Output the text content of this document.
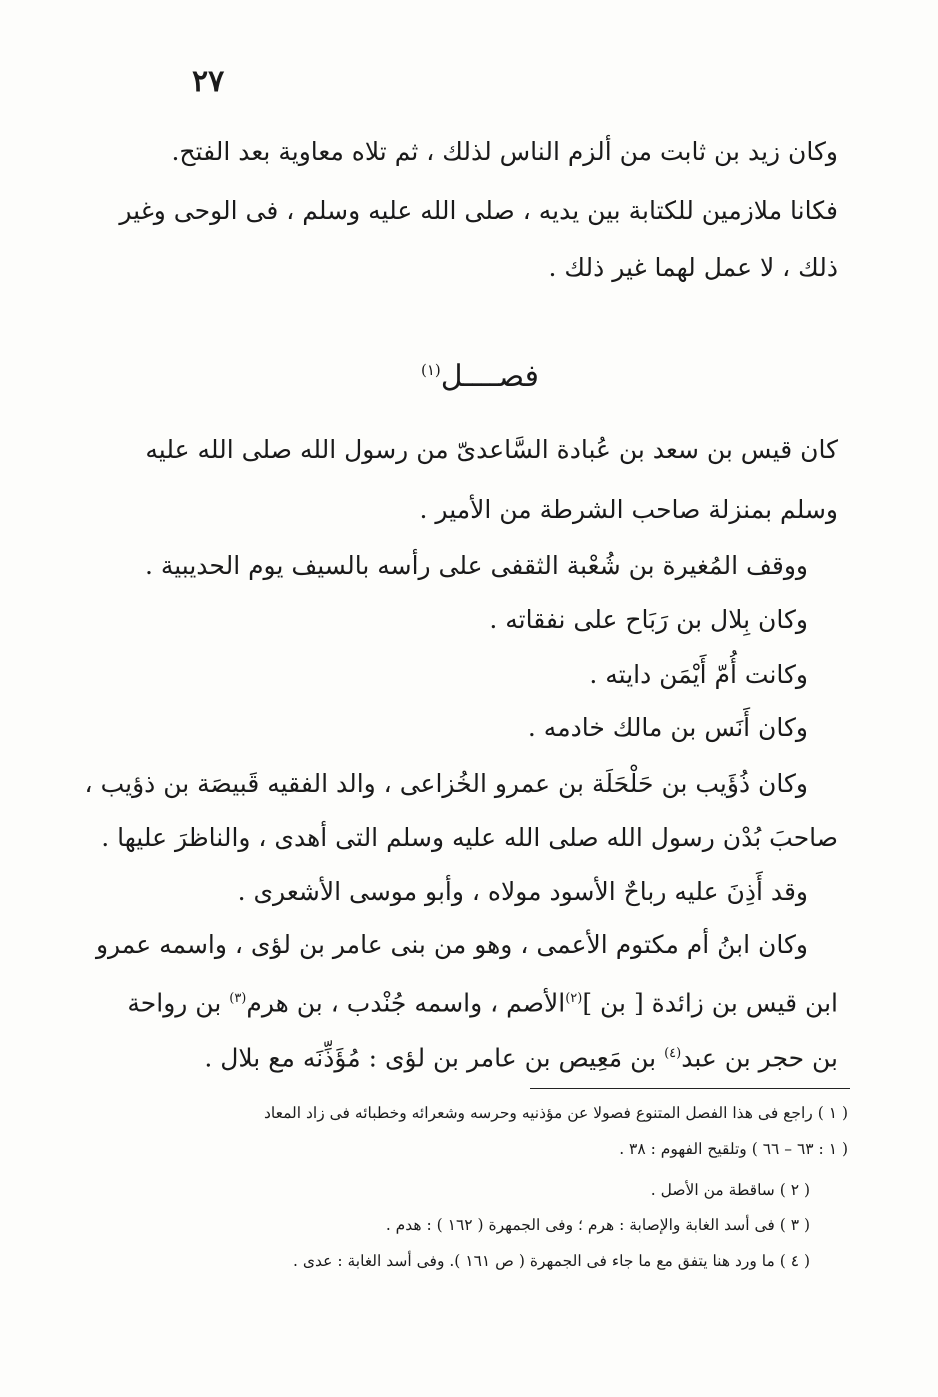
٢٧
وكان زيد بن ثابت من ألزم الناس لذلك ، ثم تلاه معاوية بعد الفتح.
فكانا ملازمين للكتابة بين يديه ، صلى الله عليه وسلم ، فى الوحى وغير
ذلك ، لا عمل لهما غير ذلك .
فصــــل$^{(١)}$
كان قيس بن سعد بن عُبادة السَّاعدىّ من رسول الله صلى الله عليه
وسلم بمنزلة صاحب الشرطة من الأمير .
ووقف المُغيرة بن شُعْبة الثقفى على رأسه بالسيف يوم الحديبية .
وكان بِلال بن رَبَاح على نفقاته .
وكانت أُمّ أَيْمَن دايته .
وكان أَنَس بن مالك خادمه .
وكان ذُؤَيب بن حَلْحَلَة بن عمرو الخُزاعى ، والد الفقيه قَبيصَة بن ذؤيب ،
صاحبَ بُدْن رسول الله صلى الله عليه وسلم التى أهدى ، والناظرَ عليها .
وقد أَذِنَ عليه رباحٌ الأسود مولاه ، وأبو موسى الأشعرى .
وكان ابنُ أم مكتوم الأعمى ، وهو من بنى عامر بن لؤى ، واسمه عمرو
ابن قيس بن زائدة [ بن ]$^{(٢)}$الأصم ، واسمه جُنْدب ، بن هرم$^{(٣)}$ بن رواحة
بن حجر بن عبد$^{(٤)}$ بن مَعِيص بن عامر بن لؤى : مُؤَذِّنَه مع بلال .
( ١ ) راجع فى هذا الفصل المتنوع فصولا عن مؤذنيه وحرسه وشعرائه وخطبائه فى زاد المعاد
( ١ : ٦٣ – ٦٦ ) وتلقيح الفهوم : ٣٨ .
( ٢ ) ساقطة من الأصل .
( ٣ ) فى أسد الغابة والإصابة : هرم ؛ وفى الجمهرة ( ١٦٢ ) : هدم .
( ٤ ) ما ورد هنا يتفق مع ما جاء فى الجمهرة ( ص ١٦١ ). وفى أسد الغابة : عدى .
